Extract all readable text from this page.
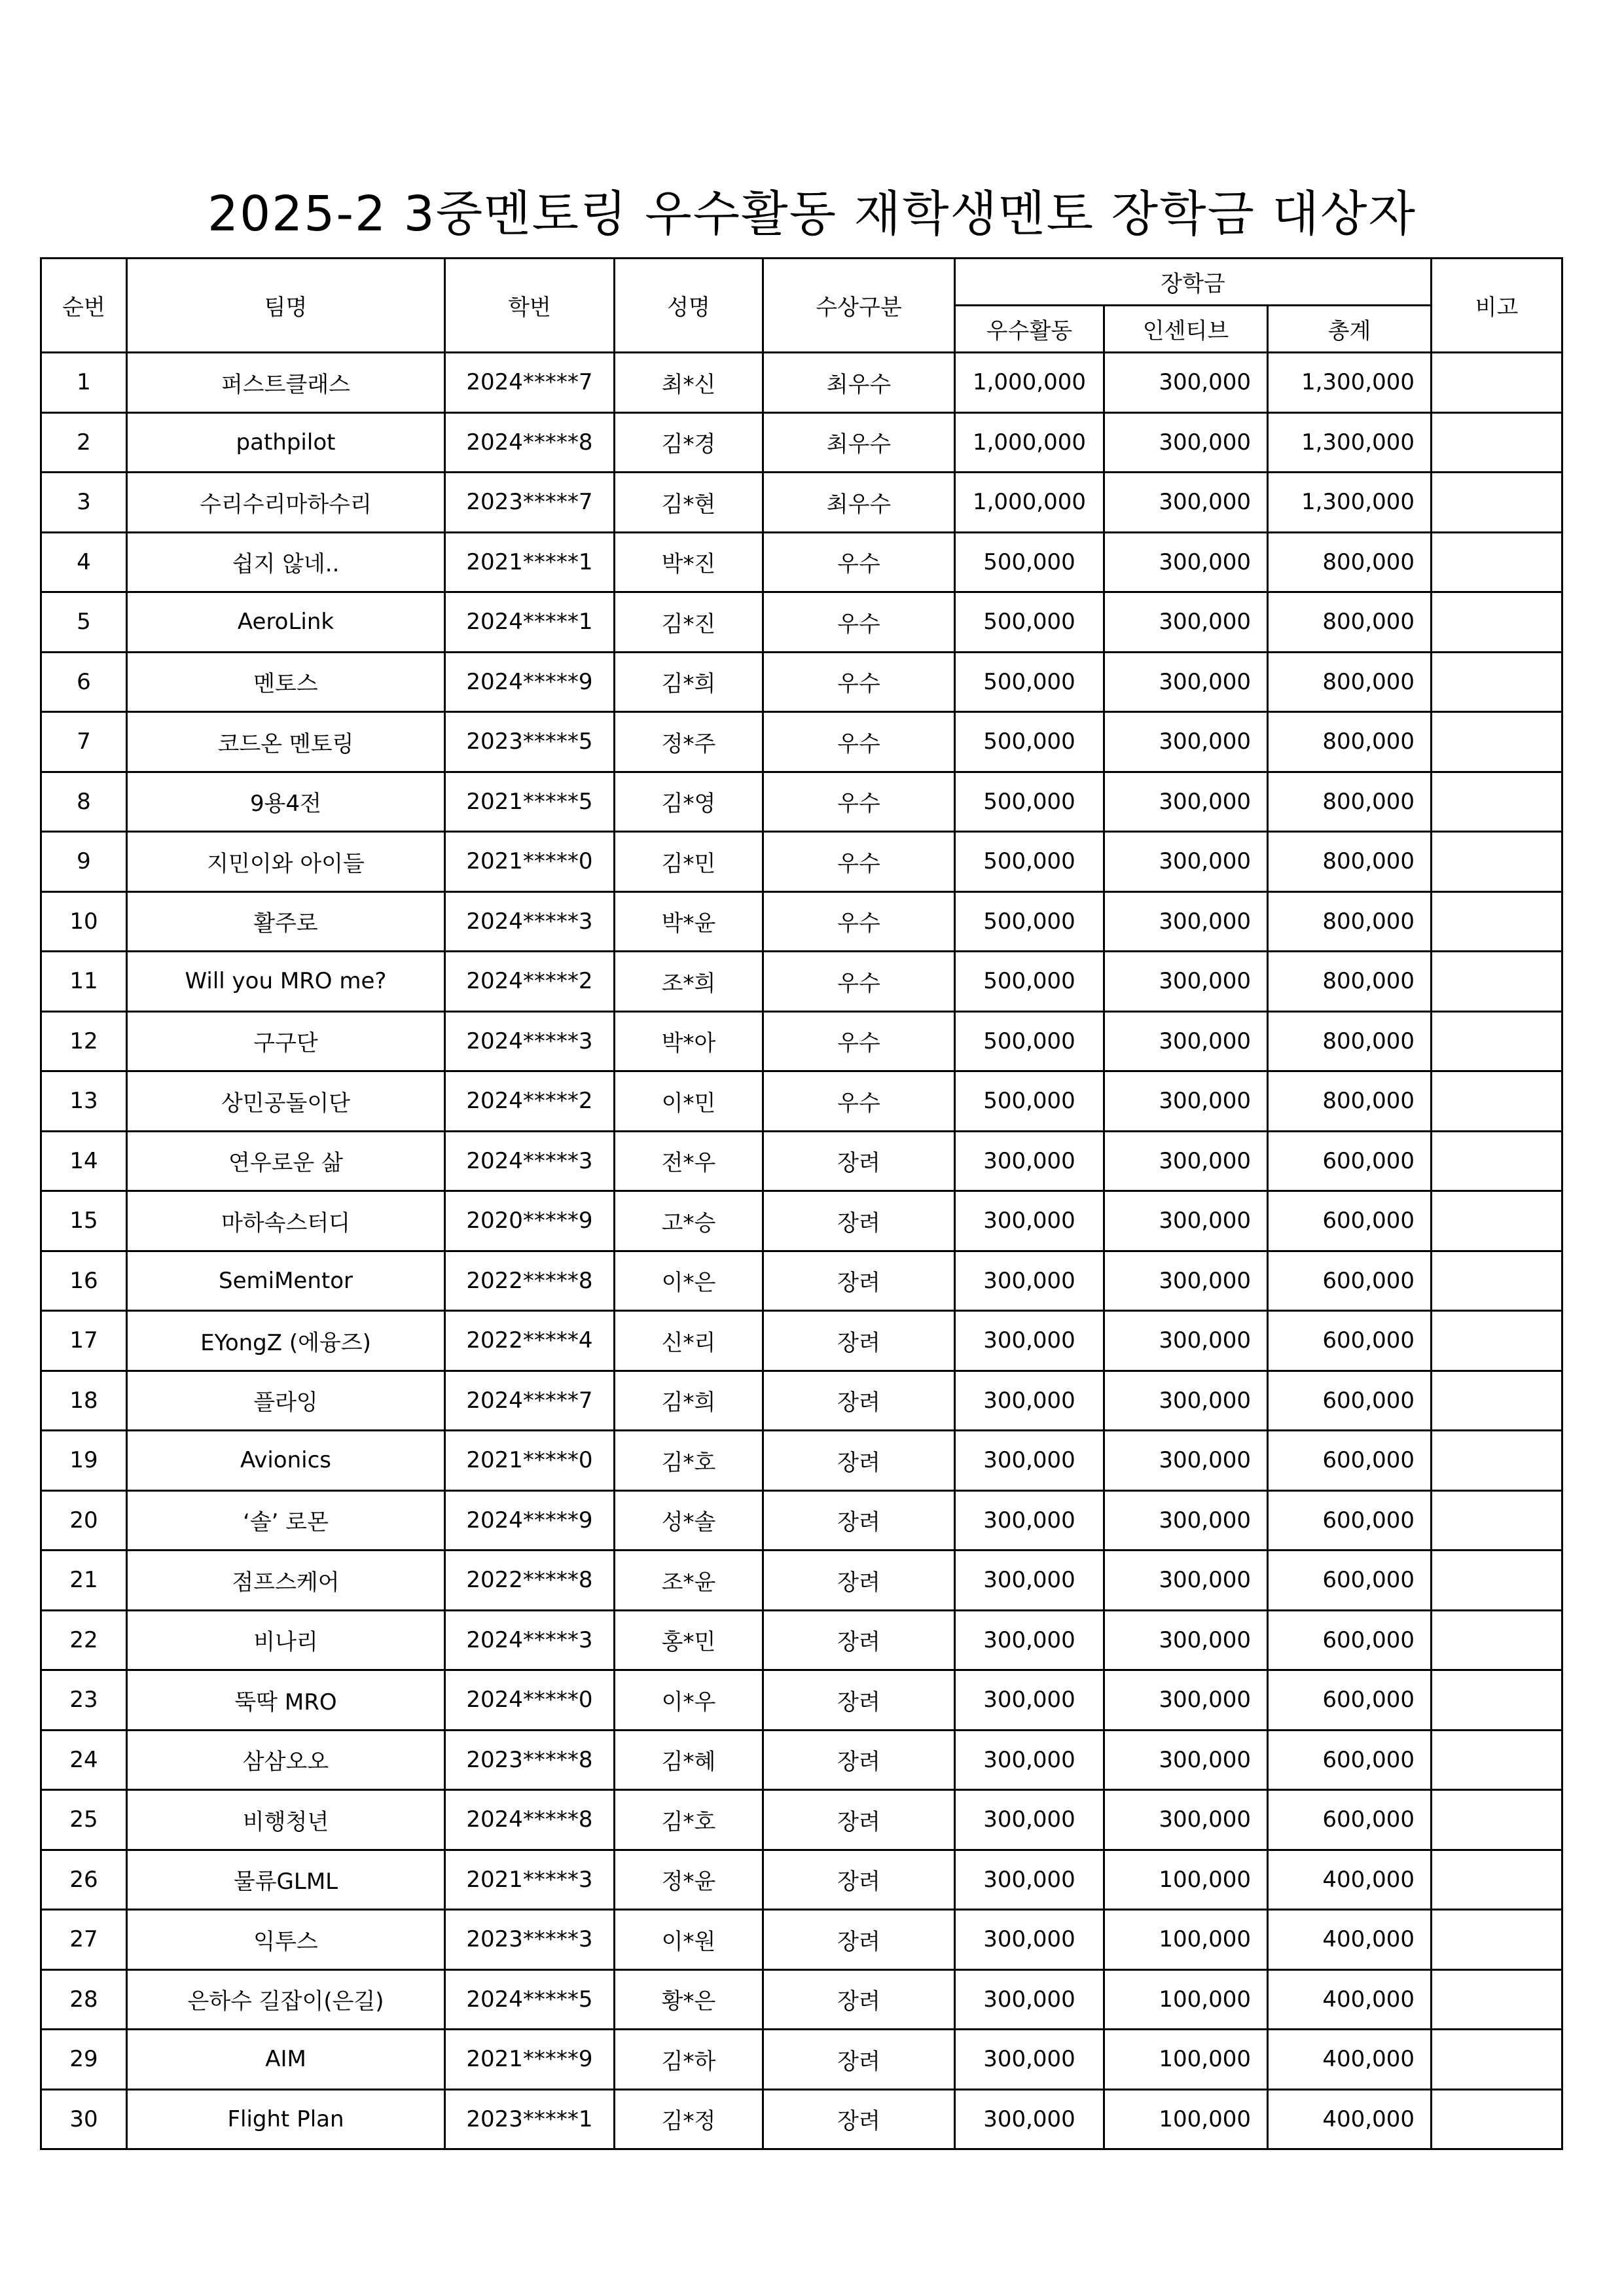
2025-2 3중멘토링 우수활동 재학생멘토 장학금 대상자
순번	팀명	학번	성명	수상구분	장학금			비고
					우수활동	인센티브	총계	
1	퍼스트클래스	2024*****7	최*신	최우수	1,000,000	300,000	1,300,000	
2	pathpilot	2024*****8	김*경	최우수	1,000,000	300,000	1,300,000	
3	수리수리마하수리	2023*****7	김*현	최우수	1,000,000	300,000	1,300,000	
4	쉽지 않네..	2021*****1	박*진	우수	500,000	300,000	800,000	
5	AeroLink	2024*****1	김*진	우수	500,000	300,000	800,000	
6	멘토스	2024*****9	김*희	우수	500,000	300,000	800,000	
7	코드온 멘토링	2023*****5	정*주	우수	500,000	300,000	800,000	
8	9용4전	2021*****5	김*영	우수	500,000	300,000	800,000	
9	지민이와 아이들	2021*****0	김*민	우수	500,000	300,000	800,000	
10	활주로	2024*****3	박*윤	우수	500,000	300,000	800,000	
11	Will you MRO me?	2024*****2	조*희	우수	500,000	300,000	800,000	
12	구구단	2024*****3	박*아	우수	500,000	300,000	800,000	
13	상민공돌이단	2024*****2	이*민	우수	500,000	300,000	800,000	
14	연우로운 삶	2024*****3	전*우	장려	300,000	300,000	600,000	
15	마하속스터디	2020*****9	고*승	장려	300,000	300,000	600,000	
16	SemiMentor	2022*****8	이*은	장려	300,000	300,000	600,000	
17	EYongZ (에융즈)	2022*****4	신*리	장려	300,000	300,000	600,000	
18	플라잉	2024*****7	김*희	장려	300,000	300,000	600,000	
19	Avionics	2021*****0	김*호	장려	300,000	300,000	600,000	
20	‘솔’ 로몬	2024*****9	성*솔	장려	300,000	300,000	600,000	
21	점프스케어	2022*****8	조*윤	장려	300,000	300,000	600,000	
22	비나리	2024*****3	홍*민	장려	300,000	300,000	600,000	
23	뚝딱 MRO	2024*****0	이*우	장려	300,000	300,000	600,000	
24	삼삼오오	2023*****8	김*혜	장려	300,000	300,000	600,000	
25	비행청년	2024*****8	김*호	장려	300,000	300,000	600,000	
26	물류GLML	2021*****3	정*윤	장려	300,000	100,000	400,000	
27	익투스	2023*****3	이*원	장려	300,000	100,000	400,000	
28	은하수 길잡이(은길)	2024*****5	황*은	장려	300,000	100,000	400,000	
29	AIM	2021*****9	김*하	장려	300,000	100,000	400,000	
30	Flight Plan	2023*****1	김*정	장려	300,000	100,000	400,000	
